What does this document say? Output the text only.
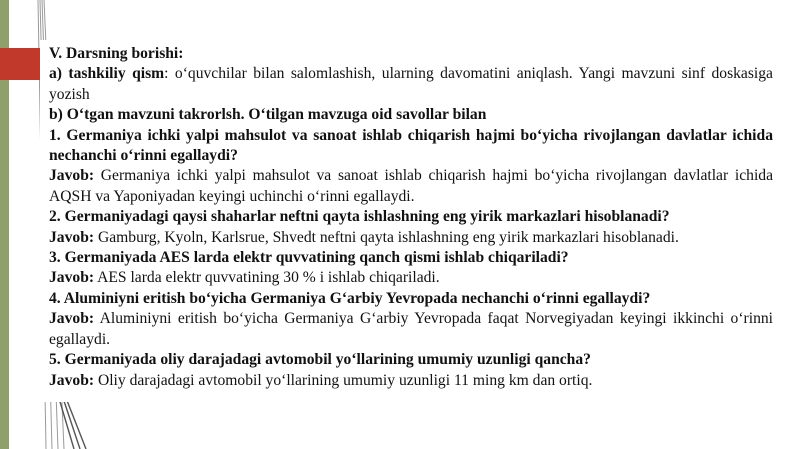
V. Darsning borishi:

a) tashkiliy qism: o‘quvchilar bilan salomlashish, ularning davomatini aniqlash. Yangi mavzuni sinf doskasiga yozish

b) O‘tgan mavzuni takrorlsh. O‘tilgan mavzuga oid savollar bilan

1. Germaniya ichki yalpi mahsulot va sanoat ishlab chiqarish hajmi bo‘yicha rivojlangan davlatlar ichida nechanchi o‘rinni egallaydi?

Javob: Germaniya ichki yalpi mahsulot va sanoat ishlab chiqarish hajmi bo‘yicha rivojlangan davlatlar ichida AQSH va Yaponiyadan keyingi uchinchi o‘rinni egallaydi.

2. Germaniyadagi qaysi shaharlar neftni qayta ishlashning eng yirik markazlari hisoblanadi?

Javob: Gamburg, Kyoln, Karlsrue, Shvedt neftni qayta ishlashning eng yirik markazlari hisoblanadi.

3. Germaniyada AES larda elektr quvvatining qanch qismi ishlab chiqariladi?

Javob: AES larda elektr quvvatining 30 % i ishlab chiqariladi.

4. Aluminiyni eritish bo‘yicha Germaniya G‘arbiy Yevropada nechanchi o‘rinni egallaydi?

Javob: Aluminiyni eritish bo‘yicha Germaniya G‘arbiy Yevropada faqat Norvegiyadan keyingi ikkinchi o‘rinni egallaydi.

5. Germaniyada oliy darajadagi avtomobil yo‘llarining umumiy uzunligi qancha?

Javob: Oliy darajadagi avtomobil yo‘llarining umumiy uzunligi 11 ming km dan ortiq.
